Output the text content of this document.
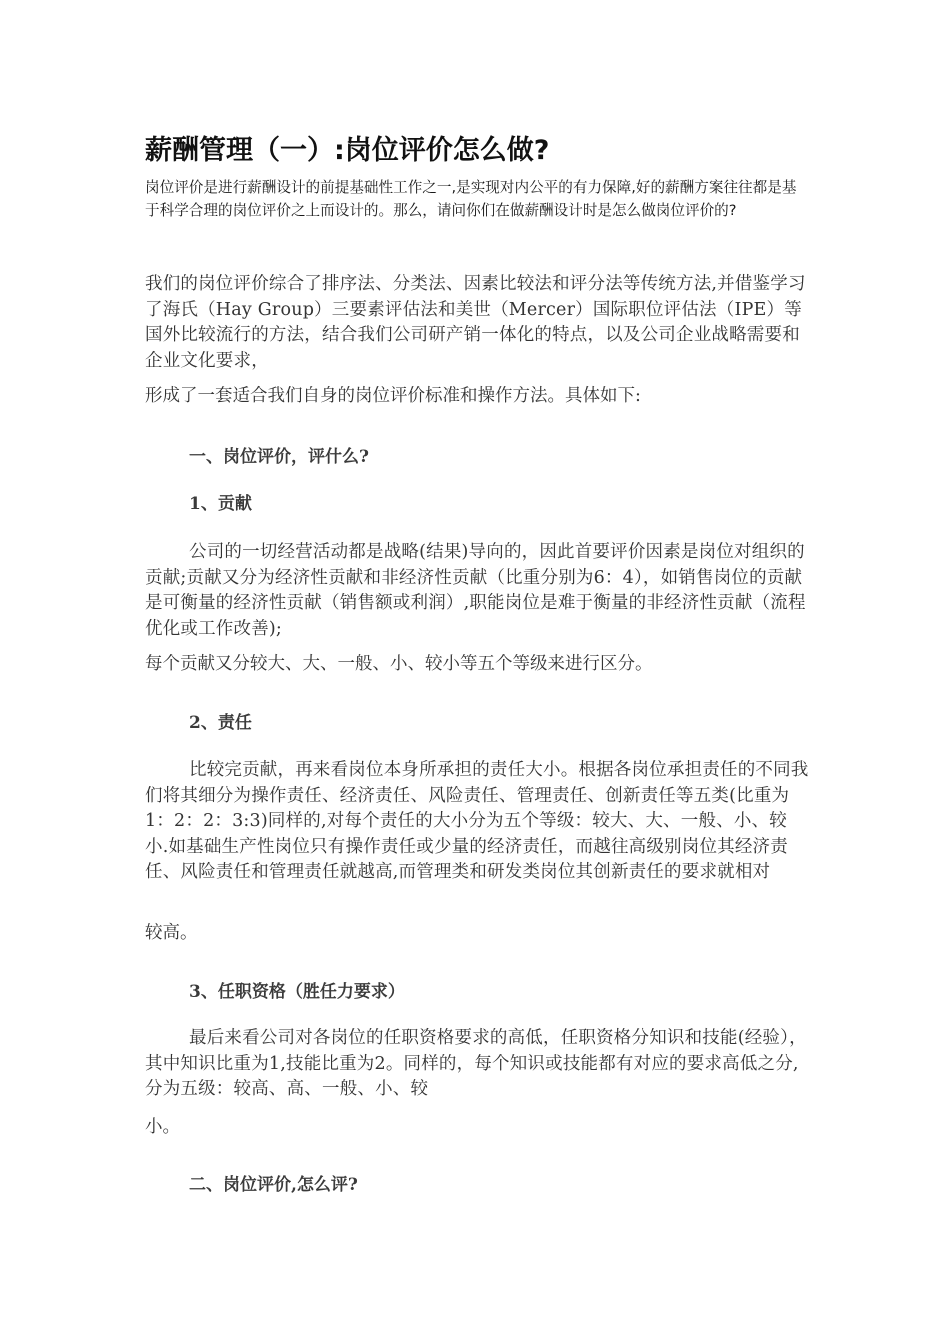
薪酬管理（一）:岗位评价怎么做?

岗位评价是进行薪酬设计的前提基础性工作之一,是实现对内公平的有力保障,好的薪酬方案往往都是基于科学合理的岗位评价之上而设计的。那么，请问你们在做薪酬设计时是怎么做岗位评价的?

我们的岗位评价综合了排序法、分类法、因素比较法和评分法等传统方法,并借鉴学习了海氏（Hay Group）三要素评估法和美世（Mercer）国际职位评估法（IPE）等国外比较流行的方法，结合我们公司研产销一体化的特点，以及公司企业战略需要和企业文化要求，

形成了一套适合我们自身的岗位评价标准和操作方法。具体如下:

一、岗位评价，评什么?

1、贡献

公司的一切经营活动都是战略(结果)导向的，因此首要评价因素是岗位对组织的贡献;贡献又分为经济性贡献和非经济性贡献（比重分别为6：4），如销售岗位的贡献是可衡量的经济性贡献（销售额或利润）,职能岗位是难于衡量的非经济性贡献（流程优化或工作改善);

每个贡献又分较大、大、一般、小、较小等五个等级来进行区分。

2、责任

比较完贡献，再来看岗位本身所承担的责任大小。根据各岗位承担责任的不同我们将其细分为操作责任、经济责任、风险责任、管理责任、创新责任等五类(比重为1：2：2：3:3)同样的,对每个责任的大小分为五个等级：较大、大、一般、小、较小.如基础生产性岗位只有操作责任或少量的经济责任，而越往高级别岗位其经济责任、风险责任和管理责任就越高,而管理类和研发类岗位其创新责任的要求就相对

较高。

3、任职资格（胜任力要求）

最后来看公司对各岗位的任职资格要求的高低，任职资格分知识和技能(经验），其中知识比重为1,技能比重为2。同样的，每个知识或技能都有对应的要求高低之分,分为五级：较高、高、一般、小、较

小。

二、岗位评价,怎么评?
